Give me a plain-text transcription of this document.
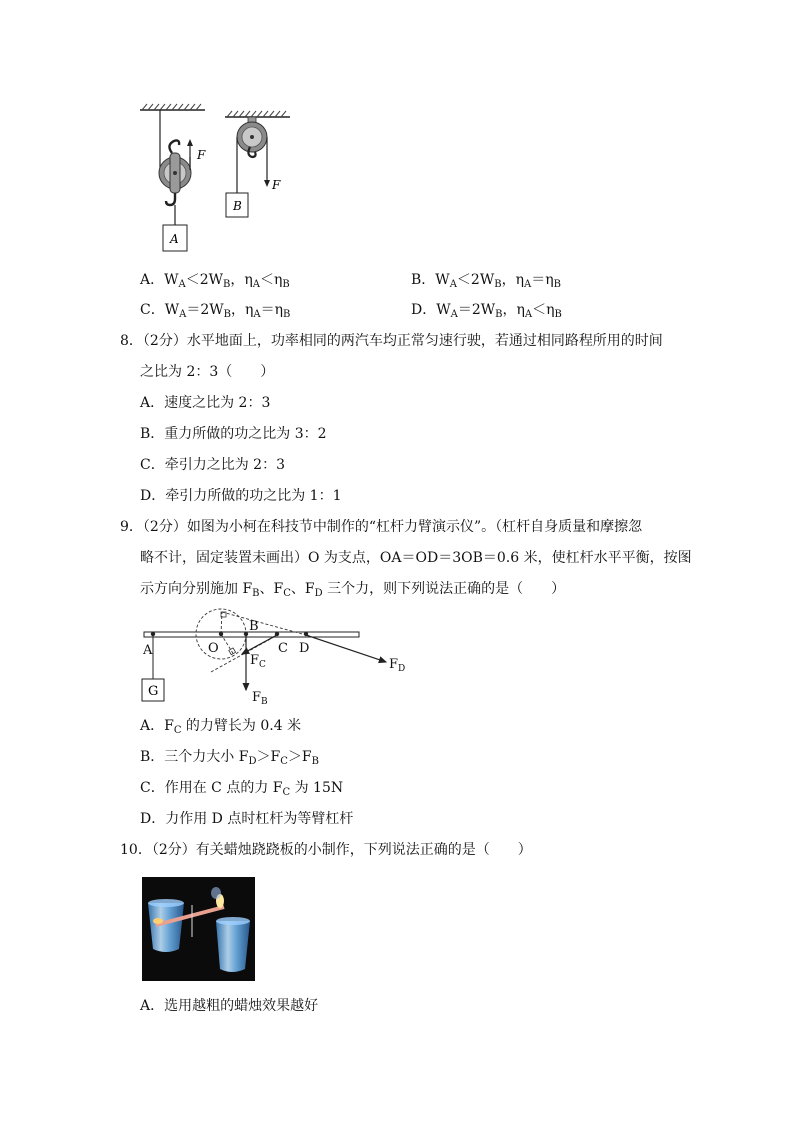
A
F
B
F
A．$W_A<2W_B$，$\eta_A<\eta_B$	B．$W_A<2W_B$，$\eta_A=\eta_B$
C．$W_A=2W_B$，$\eta_A=\eta_B$	D．$W_A=2W_B$，$\eta_A<\eta_B$
8．（2分）水平地面上，功率相同的两汽车均正常匀速行驶，若通过相同路程所用的时间
之比为 2：3（　　）
A．速度之比为 2：3
B．重力所做的功之比为 3：2
C．牵引力之比为 2：3
D．牵引力所做的功之比为 1：1
9．（2分）如图为小柯在科技节中制作的“杠杆力臂演示仪”。（杠杆自身质量和摩擦忽
略不计，固定装置未画出）O 为支点，OA＝OD＝3OB＝0.6 米，使杠杆水平平衡，按图
示方向分别施加 $F_B$、$F_C$、$F_D$ 三个力，则下列说法正确的是（　　）
G
A	O
B
C D
$F_C$
$F_B$
$F_D$
A．$F_C$ 的力臂长为 0.4 米
B．三个力大小 $F_D>F_C>F_B$
C．作用在 C 点的力 $F_C$ 为 15N
D．力作用 D 点时杠杆为等臂杠杆
10．（2分）有关蜡烛跷跷板的小制作，下列说法正确的是（　　）
A．选用越粗的蜡烛效果越好
